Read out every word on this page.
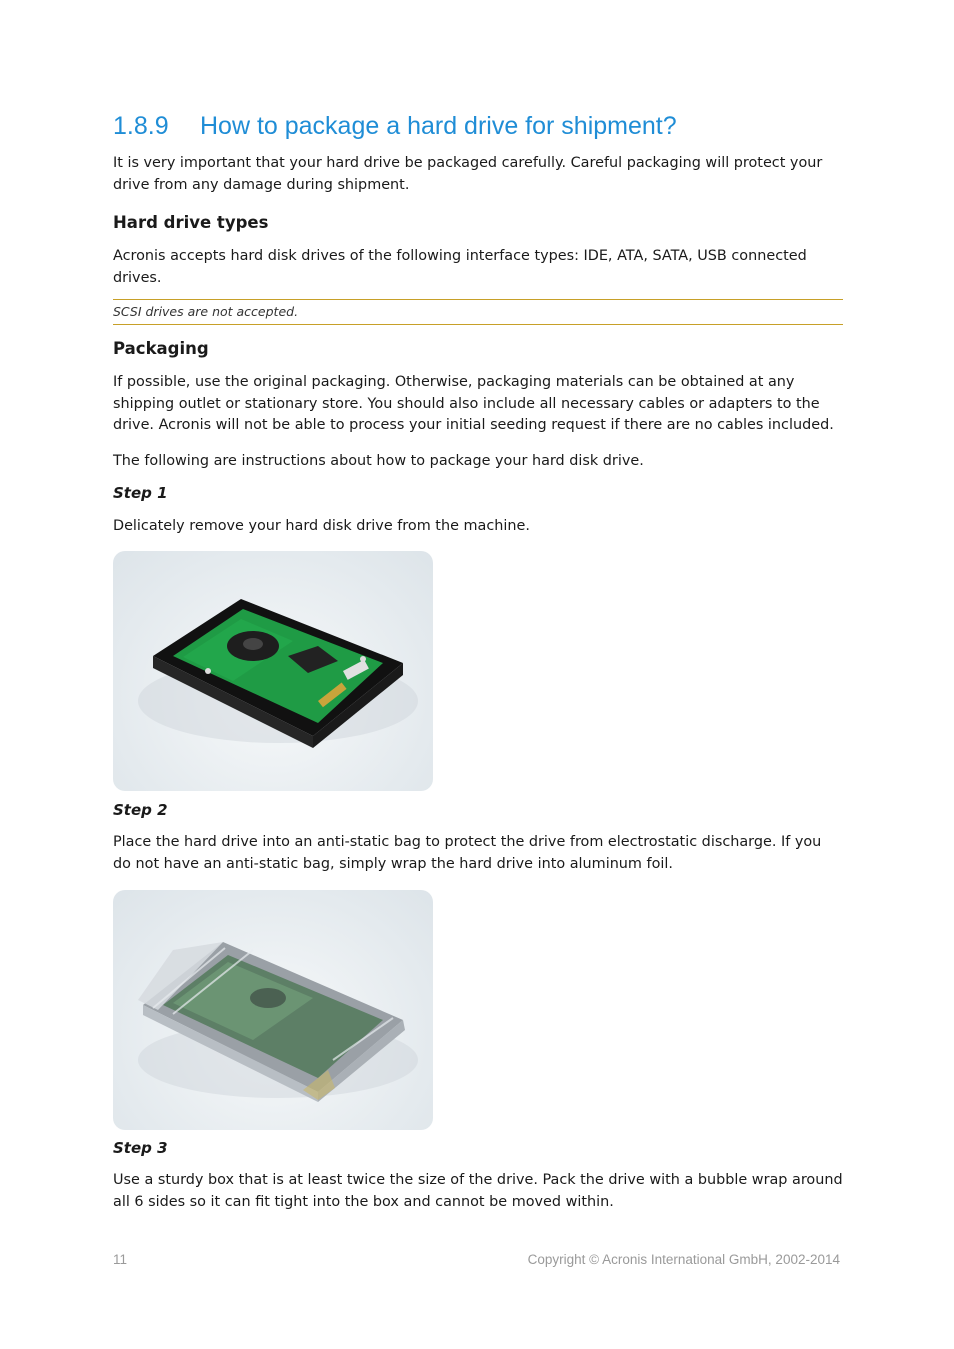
1.8.9 How to package a hard drive for shipment?

It is very important that your hard drive be packaged carefully. Careful packaging will protect your drive from any damage during shipment.

Hard drive types

Acronis accepts hard disk drives of the following interface types: IDE, ATA, SATA, USB connected drives.

SCSI drives are not accepted.
Packaging

If possible, use the original packaging. Otherwise, packaging materials can be obtained at any shipping outlet or stationary store. You should also include all necessary cables or adapters to the drive. Acronis will not be able to process your initial seeding request if there are no cables included.

The following are instructions about how to package your hard disk drive.

Step 1

Delicately remove your hard disk drive from the machine.

Step 2

Place the hard drive into an anti-static bag to protect the drive from electrostatic discharge. If you do not have an anti-static bag, simply wrap the hard drive into aluminum foil.

Step 3

Use a sturdy box that is at least twice the size of the drive. Pack the drive with a bubble wrap around all 6 sides so it can fit tight into the box and cannot be moved within.

11	Copyright © Acronis International GmbH, 2002-2014
